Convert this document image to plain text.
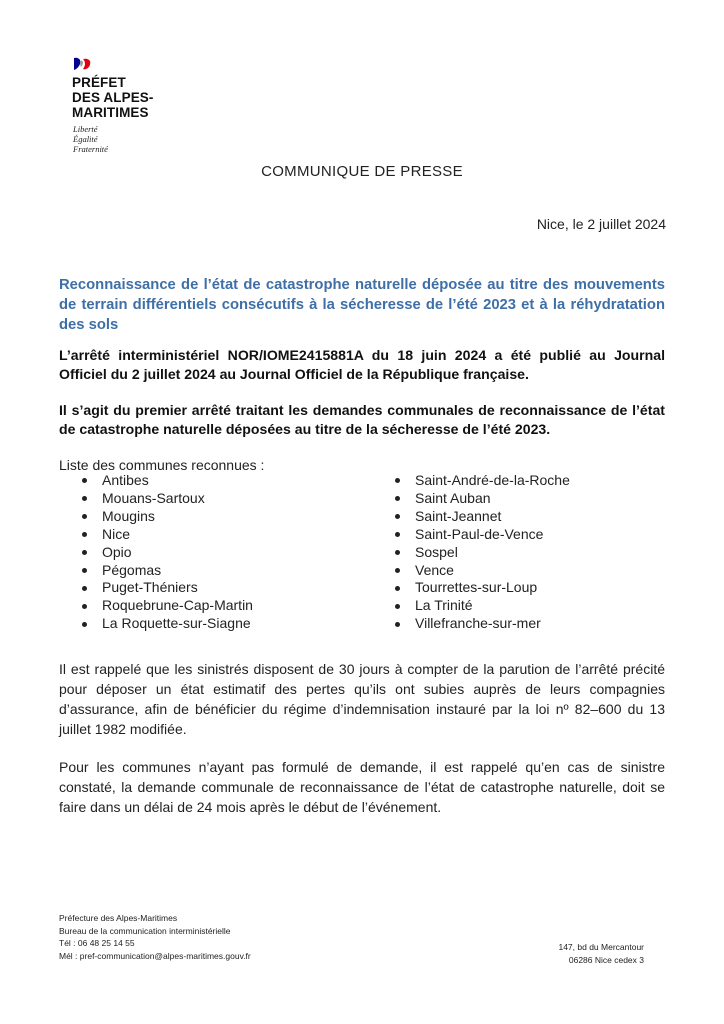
PRÉFET
DES ALPES-
MARITIMES
Liberté
Égalité
Fraternité
COMMUNIQUE DE PRESSE
Nice, le 2 juillet 2024
Reconnaissance de l’état de catastrophe naturelle déposée au titre des mouvements de terrain différentiels consécutifs à la sécheresse de l’été 2023 et à la réhydratation des sols
L’arrêté interministériel NOR/IOME2415881A du 18 juin 2024 a été publié au Journal Officiel du 2 juillet 2024 au Journal Officiel de la République française.
Il s’agit du premier arrêté traitant les demandes communales de reconnaissance de l’état de catastrophe naturelle déposées au titre de la sécheresse de l’été 2023.
Liste des communes reconnues :
Antibes
Mouans-Sartoux
Mougins
Nice
Opio
Pégomas
Puget-Théniers
Roquebrune-Cap-Martin
La Roquette-sur-Siagne
Saint-André-de-la-Roche
Saint Auban
Saint-Jeannet
Saint-Paul-de-Vence
Sospel
Vence
Tourrettes-sur-Loup
La Trinité
Villefranche-sur-mer
Il est rappelé que les sinistrés disposent de 30 jours à compter de la parution de l’arrêté précité pour déposer un état estimatif des pertes qu’ils ont subies auprès de leurs compagnies d’assurance, afin de bénéficier du régime d’indemnisation instauré par la loi nº 82–600 du 13 juillet 1982 modifiée.
Pour les communes n’ayant pas formulé de demande, il est rappelé qu’en cas de sinistre constaté, la demande communale de reconnaissance de l’état de catastrophe naturelle, doit se faire dans un délai de 24 mois après le début de l’événement.
Préfecture des Alpes-Maritimes
Bureau de la communication interministérielle
Tél : 06 48 25 14 55
Mél : pref-communication@alpes-maritimes.gouv.fr
147, bd du Mercantour
06286 Nice cedex 3
